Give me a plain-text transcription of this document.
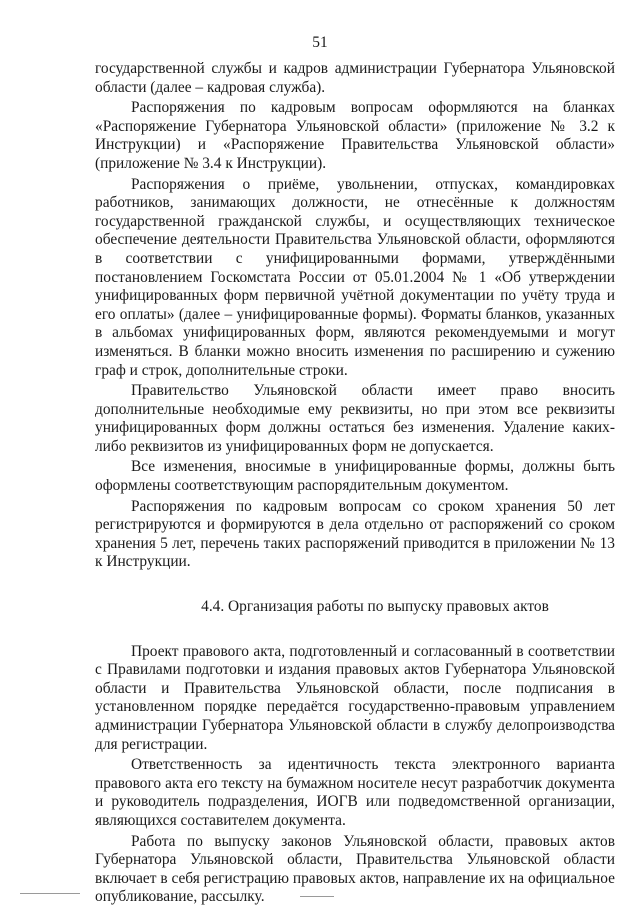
51

государственной службы и кадров администрации Губернатора Ульяновской области (далее – кадровая служба).

Распоряжения по кадровым вопросам оформляются на бланках «Распоряжение Губернатора Ульяновской области» (приложение № 3.2 к Инструкции) и «Распоряжение Правительства Ульяновской области» (приложение № 3.4 к Инструкции).

Распоряжения о приёме, увольнении, отпусках, командировках работников, занимающих должности, не отнесённые к должностям государственной гражданской службы, и осуществляющих техническое обеспечение деятельности Правительства Ульяновской области, оформляются в соответствии с унифицированными формами, утверждёнными постановлением Госкомстата России от 05.01.2004 № 1 «Об утверждении унифицированных форм первичной учётной документации по учёту труда и его оплаты» (далее – унифицированные формы). Форматы бланков, указанных в альбомах унифицированных форм, являются рекомендуемыми и могут изменяться. В бланки можно вносить изменения по расширению и сужению граф и строк, дополнительные строки.

Правительство Ульяновской области имеет право вносить дополнительные необходимые ему реквизиты, но при этом все реквизиты унифицированных форм должны остаться без изменения. Удаление каких-либо реквизитов из унифицированных форм не допускается.

Все изменения, вносимые в унифицированные формы, должны быть оформлены соответствующим распорядительным документом.

Распоряжения по кадровым вопросам со сроком хранения 50 лет регистрируются и формируются в дела отдельно от распоряжений со сроком хранения 5 лет, перечень таких распоряжений приводится в приложении № 13 к Инструкции.

4.4. Организация работы по выпуску правовых актов

Проект правового акта, подготовленный и согласованный в соответствии с Правилами подготовки и издания правовых актов Губернатора Ульяновской области и Правительства Ульяновской области, после подписания в установленном порядке передаётся государственно-правовым управлением администрации Губернатора Ульяновской области в службу делопроизводства для регистрации.

Ответственность за идентичность текста электронного варианта правового акта его тексту на бумажном носителе несут разработчик документа и руководитель подразделения, ИОГВ или подведомственной организации, являющихся составителем документа.

Работа по выпуску законов Ульяновской области, правовых актов Губернатора Ульяновской области, Правительства Ульяновской области включает в себя регистрацию правовых актов, направление их на официальное опубликование, рассылку.
